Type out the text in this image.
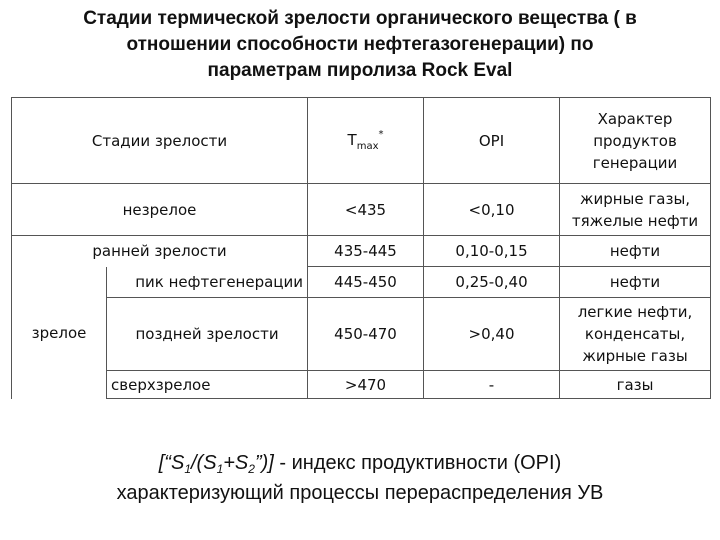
Стадии термической зрелости органического вещества ( в
отношении способности нефтегазогенерации) по
параметрам пиролиза Rock Eval
Стадии зрелости		$T_{max}^*$	OPI	Характер
продуктов
генерации

незрелое		<435	<0,10	жирные газы,
тяжелые нефти

ранней зрелости		435-445	0,10-0,15	нефти
зрелое	пик нефтегенерации	445-450	0,25-0,40	нефти
	поздней зрелости	450-470	>0,40	легкие нефти,
конденсаты,
жирные газы

	сверхзрелое	>470	-	газы
$[“S_1/(S_1+S_2”)]$ - индекс продуктивности (OPI)
характеризующий процессы перераспределения УВ
